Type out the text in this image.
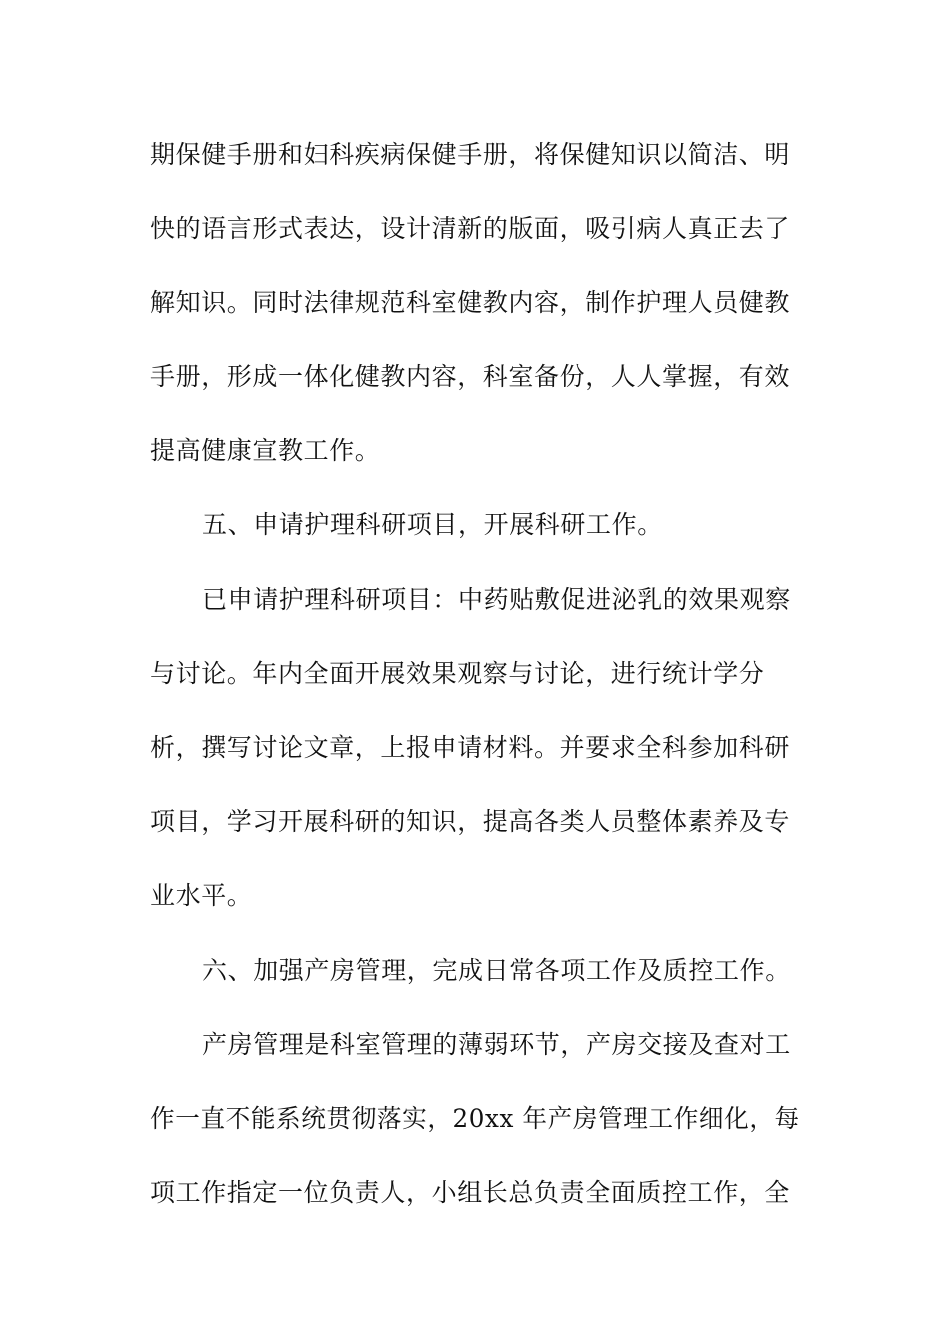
期保健手册和妇科疾病保健手册，将保健知识以简洁、明
快的语言形式表达，设计清新的版面，吸引病人真正去了
解知识。同时法律规范科室健教内容，制作护理人员健教
手册，形成一体化健教内容，科室备份，人人掌握，有效
提高健康宣教工作。
五、申请护理科研项目，开展科研工作。
已申请护理科研项目：中药贴敷促进泌乳的效果观察
与讨论。年内全面开展效果观察与讨论，进行统计学分
析，撰写讨论文章，上报申请材料。并要求全科参加科研
项目，学习开展科研的知识，提高各类人员整体素养及专
业水平。
六、加强产房管理，完成日常各项工作及质控工作。
产房管理是科室管理的薄弱环节，产房交接及查对工
作一直不能系统贯彻落实，20xx 年产房管理工作细化，每
项工作指定一位负责人，小组长总负责全面质控工作，全
